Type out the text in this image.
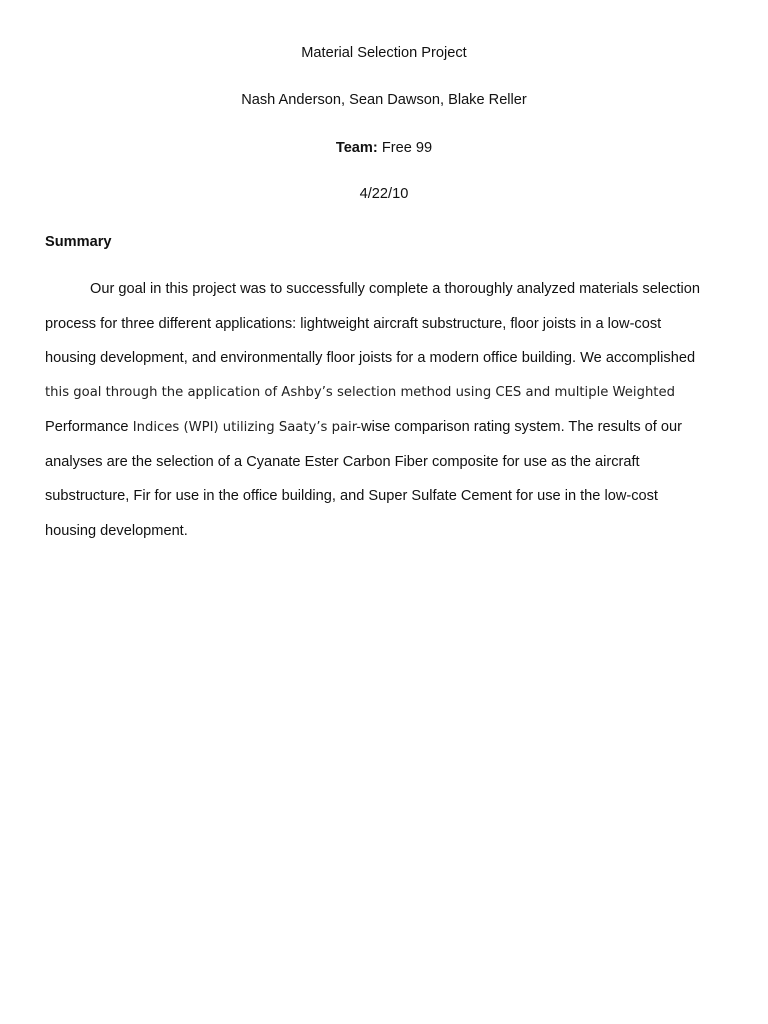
Material Selection Project
Nash Anderson, Sean Dawson, Blake Reller
Team: Free 99
4/22/10
Summary
Our goal in this project was to successfully complete a thoroughly analyzed materials selection
process for three different applications: lightweight aircraft substructure, floor joists in a low-cost
housing development, and environmentally floor joists for a modern office building. We accomplished
this goal through the application of Ashby’s selection method using CES and multiple Weighted
Performance Indices (WPI) utilizing Saaty’s pair-wise comparison rating system. The results of our
analyses are the selection of a Cyanate Ester Carbon Fiber composite for use as the aircraft
substructure, Fir for use in the office building, and Super Sulfate Cement for use in the low-cost
housing development.
